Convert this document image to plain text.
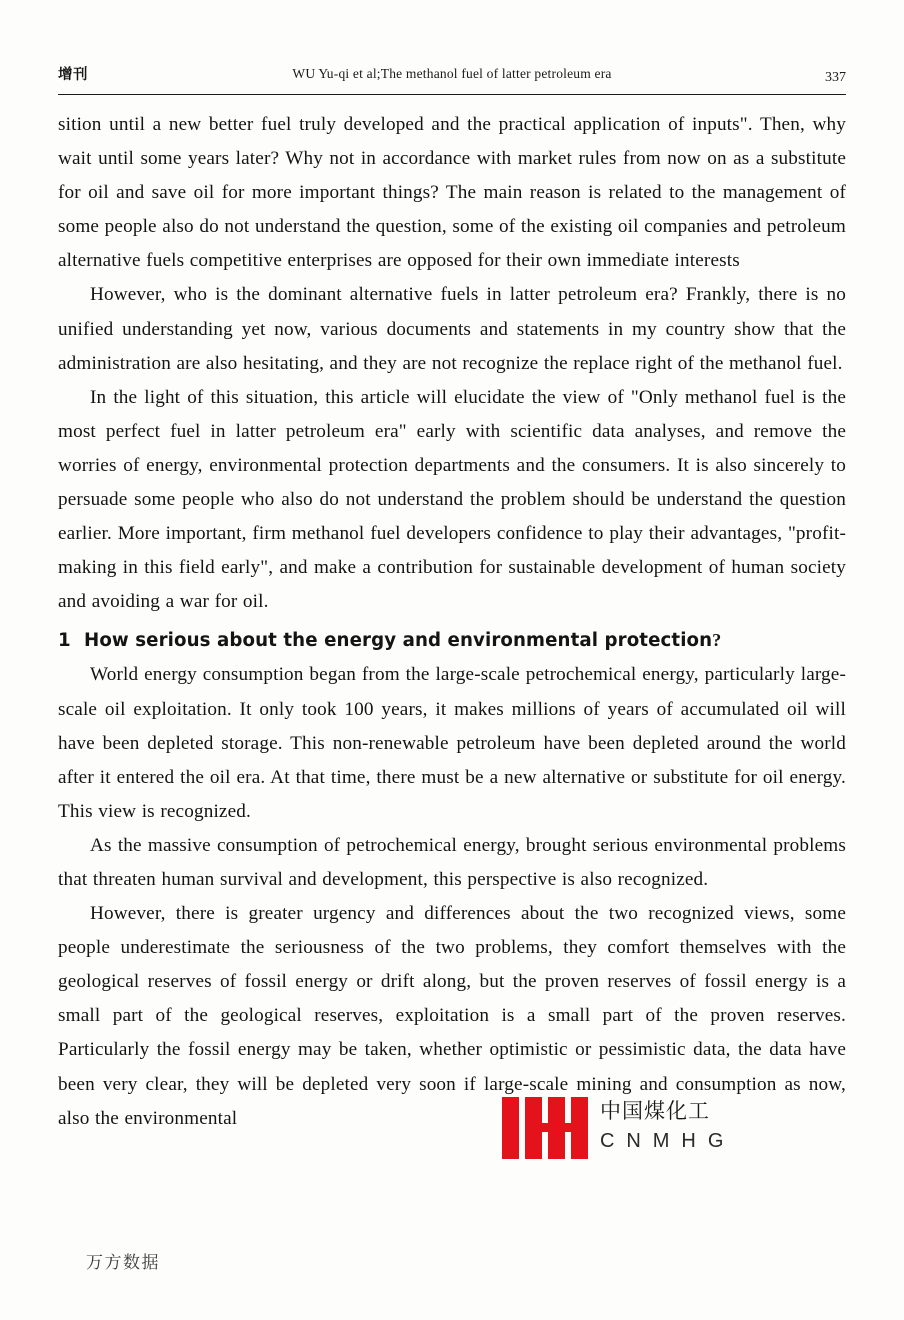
增刊	WU Yu-qi et al;The methanol fuel of latter petroleum era	337

sition until a new better fuel truly developed and the practical application of inputs". Then, why wait until some years later? Why not in accordance with market rules from now on as a substitute for oil and save oil for more important things? The main reason is related to the management of some people also do not understand the question, some of the existing oil companies and petroleum alternative fuels competitive enterprises are opposed for their own immediate interests

However, who is the dominant alternative fuels in latter petroleum era? Frankly, there is no unified understanding yet now, various documents and statements in my country show that the administration are also hesitating, and they are not recognize the replace right of the methanol fuel.

In the light of this situation, this article will elucidate the view of "Only methanol fuel is the most perfect fuel in latter petroleum era" early with scientific data analyses, and remove the worries of energy, environmental protection departments and the consumers. It is also sincerely to persuade some people who also do not understand the problem should be understand the question earlier. More important, firm methanol fuel developers confidence to play their advantages, "profit-making in this field early", and make a contribution for sustainable development of human society and avoiding a war for oil.

1 How serious about the energy and environmental protection?

World energy consumption began from the large-scale petrochemical energy, particularly large-scale oil exploitation. It only took 100 years, it makes millions of years of accumulated oil will have been depleted storage. This non-renewable petroleum have been depleted around the world after it entered the oil era. At that time, there must be a new alternative or substitute for oil energy. This view is recognized.

As the massive consumption of petrochemical energy, brought serious environmental problems that threaten human survival and development, this perspective is also recognized.

However, there is greater urgency and differences about the two recognized views, some people underestimate the seriousness of the two problems, they comfort themselves with the geological reserves of fossil energy or drift along, but the proven reserves of fossil energy is a small part of the geological reserves, exploitation is a small part of the proven reserves. Particularly the fossil energy may be taken, whether optimistic or pessimistic data, the data have been very clear, they will be depleted very soon if large-scale mining and consumption as now, also the environmental	中国煤化工
C N M H G
万方数据
